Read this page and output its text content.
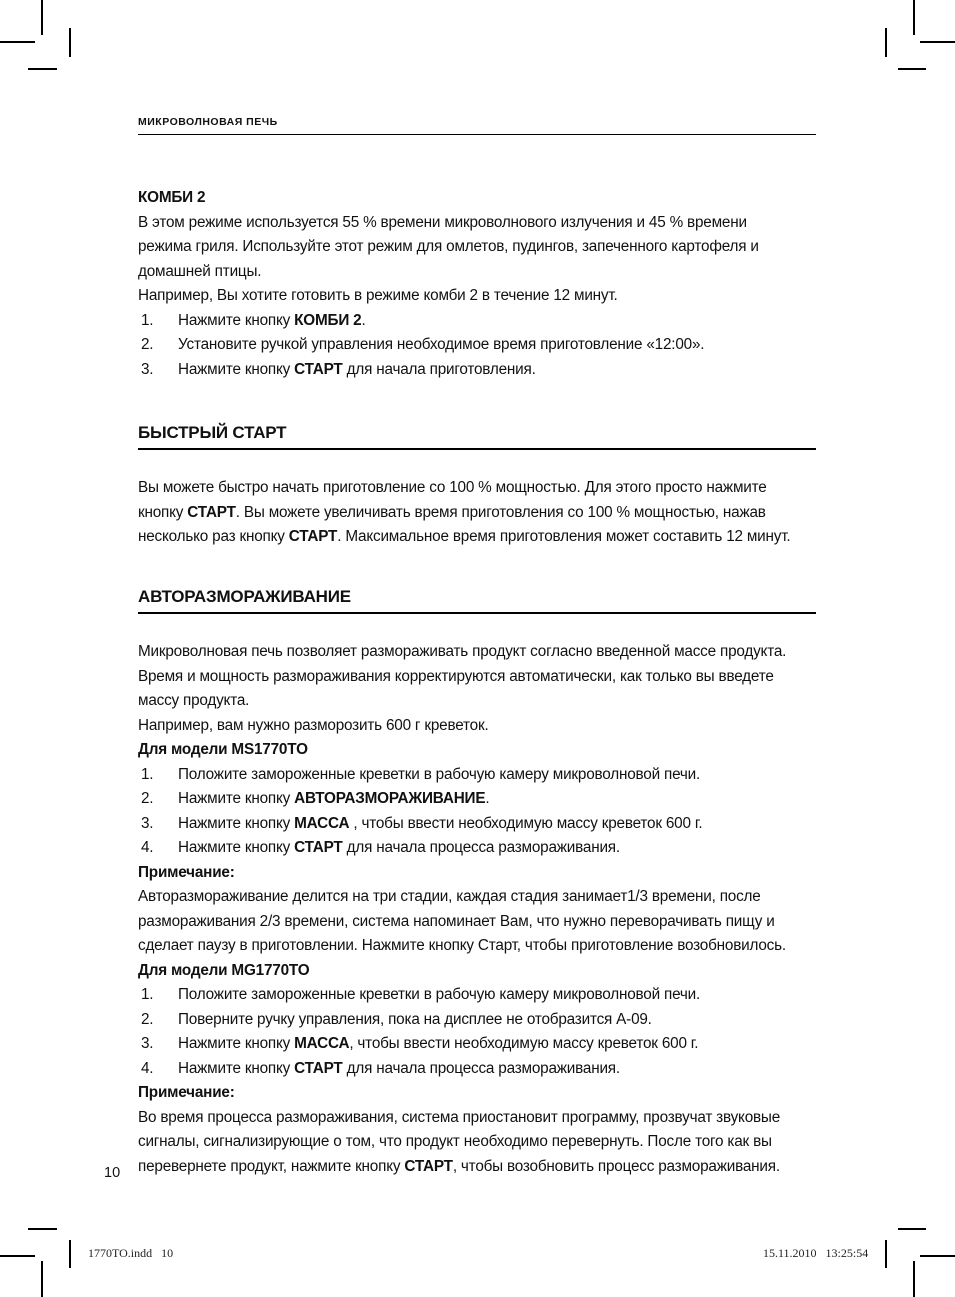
МИКРОВОЛНОВАЯ ПЕЧЬ
КОМБИ 2
В этом режиме используется 55 % времени микроволнового излучения и 45 % времени
режима гриля. Используйте этот режим для омлетов, пудингов, запеченного картофеля и
домашней птицы.
Например, Вы хотите готовить в режиме комби 2 в течение 12 минут.
1.	Нажмите кнопку КОМБИ 2.
2.	Установите ручкой управления необходимое время приготовление «12:00».
3.	Нажмите кнопку СТАРТ для начала приготовления.
БЫСТРЫЙ СТАРТ
Вы можете быстро начать приготовление со 100 % мощностью. Для этого просто нажмите
кнопку СТАРТ. Вы можете увеличивать время приготовления со 100 % мощностью, нажав
несколько раз кнопку СТАРТ. Максимальное время приготовления может составить 12 минут.
АВТОРАЗМОРАЖИВАНИЕ
Микроволновая печь позволяет размораживать продукт согласно введенной массе продукта.
Время и мощность размораживания корректируются автоматически, как только вы введете
массу продукта.
Например, вам нужно разморозить 600 г креветок.
Для модели MS1770TO
1.	Положите замороженные креветки в рабочую камеру микроволновой печи.
2.	Нажмите кнопку АВТОРАЗМОРАЖИВАНИЕ.
3.	Нажмите кнопку МАССА , чтобы ввести необходимую массу креветок 600 г.
4.	Нажмите кнопку СТАРТ для начала процесса размораживания.
Примечание:
Авторазмораживание делится на три стадии, каждая стадия занимает1/3 времени, после
размораживания 2/3 времени, система напоминает Вам, что нужно переворачивать пищу и
сделает паузу в приготовлении. Нажмите кнопку Старт, чтобы приготовление возобновилось.
Для модели MG1770TO
1.	Положите замороженные креветки в рабочую камеру микроволновой печи.
2.	Поверните ручку управления, пока на дисплее не отобразится А-09.
3.	Нажмите кнопку МАССА, чтобы ввести необходимую массу креветок 600 г.
4.	Нажмите кнопку СТАРТ для начала процесса размораживания.
Примечание:
Во время процесса размораживания, система приостановит программу, прозвучат звуковые
сигналы, сигнализирующие о том, что продукт необходимо перевернуть. После того как вы
перевернете продукт, нажмите кнопку СТАРТ, чтобы возобновить процесс размораживания.
10
1770TO.indd   10	15.11.2010   13:25:54
